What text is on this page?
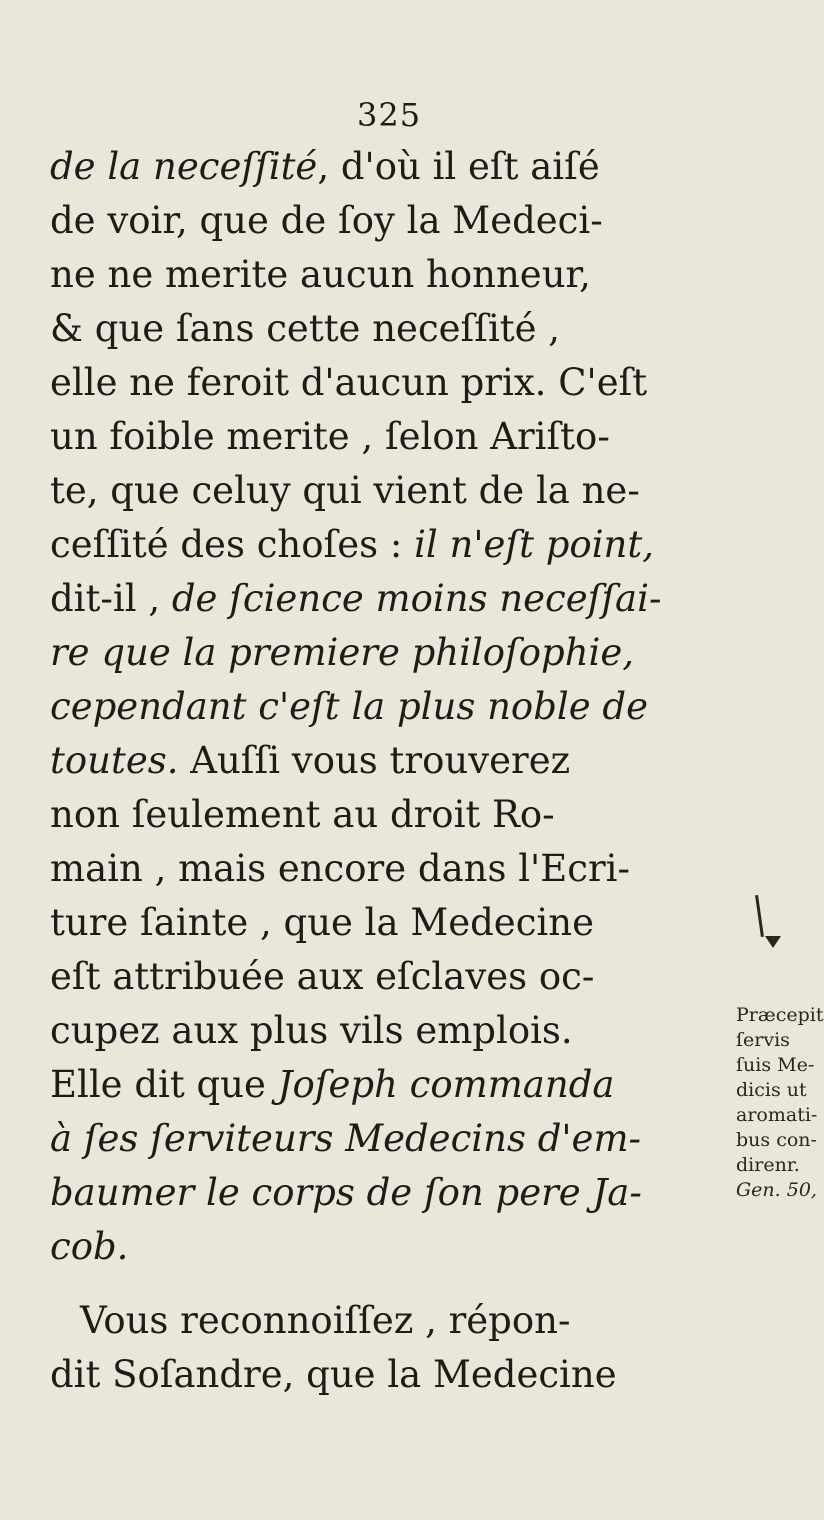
325
de la neceſſité, d'où il eſt aiſé
de voir, que de ſoy la Medeci-
ne ne merite aucun honneur,
& que ſans cette neceſſité ,
elle ne feroit d'aucun prix. C'eſt
un foible merite , ſelon Ariſto-
te, que celuy qui vient de la ne-
ceſſité des choſes : il n'eſt point,
dit-il , de ſcience moins neceſſai-
re que la premiere philoſophie,
cependant c'eſt la plus noble de
toutes. Auſſi vous trouverez
non ſeulement au droit Ro-
main , mais encore dans l'Ecri-
ture ſainte , que la Medecine
eſt attribuée aux eſclaves oc-
cupez aux plus vils emplois.
Elle dit que Joſeph commanda
à ſes ſerviteurs Medecins d'em-
baumer le corps de ſon pere Ja-
cob.
Vous reconnoiſſez , répon-
dit Soſandre, que la Medecine
Præcepit
ſervis
ſuis Me-
dicis ut
aromati-
bus con-
direnr.
Gen. 50,
